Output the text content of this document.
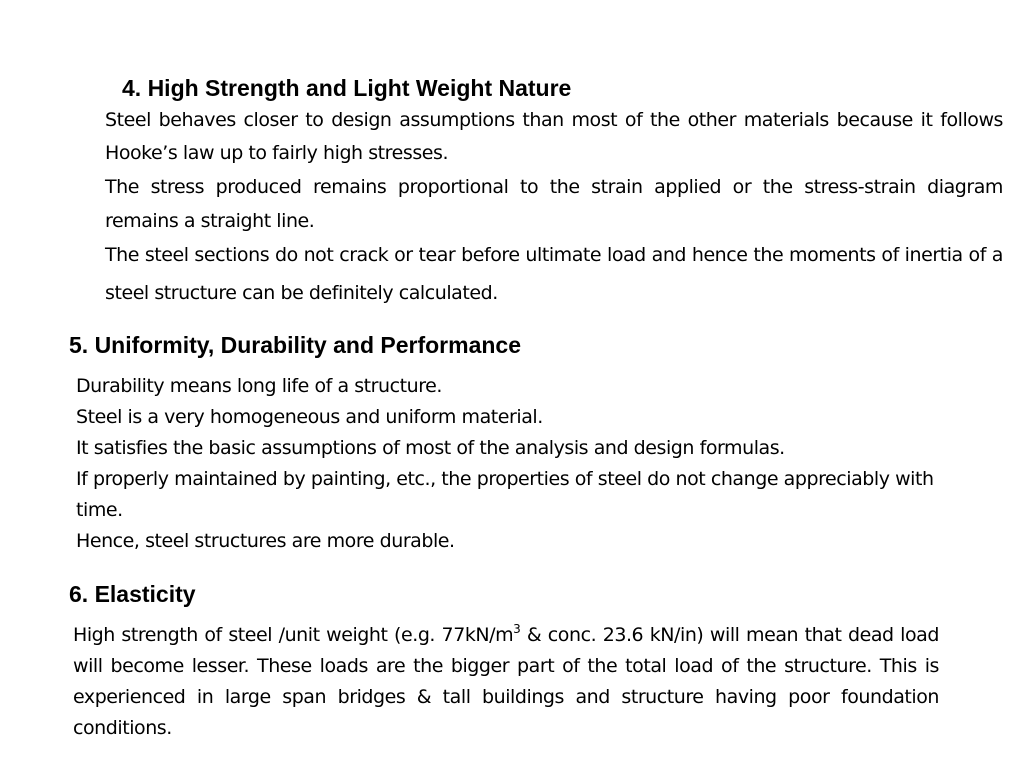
4. High Strength and Light Weight Nature

Steel behaves closer to design assumptions than most of the other materials because it follows Hooke’s law up to fairly high stresses.

The stress produced remains proportional to the strain applied or the stress-strain diagram remains a straight line.

The steel sections do not crack or tear before ultimate load and hence the moments of inertia of a steel structure can be definitely calculated.

5. Uniformity, Durability and Performance

Durability means long life of a structure.

Steel is a very homogeneous and uniform material.

It satisfies the basic assumptions of most of the analysis and design formulas.

If properly maintained by painting, etc., the properties of steel do not change appreciably with time.

Hence, steel structures are more durable.

6. Elasticity
High strength of steel /unit weight (e.g. $77kN/m^3$ & conc. 23.6 kN/in) will mean that dead load will become lesser. These loads are the bigger part of the total load of the structure. This is experienced in large span bridges & tall buildings and structure having poor foundation conditions.
